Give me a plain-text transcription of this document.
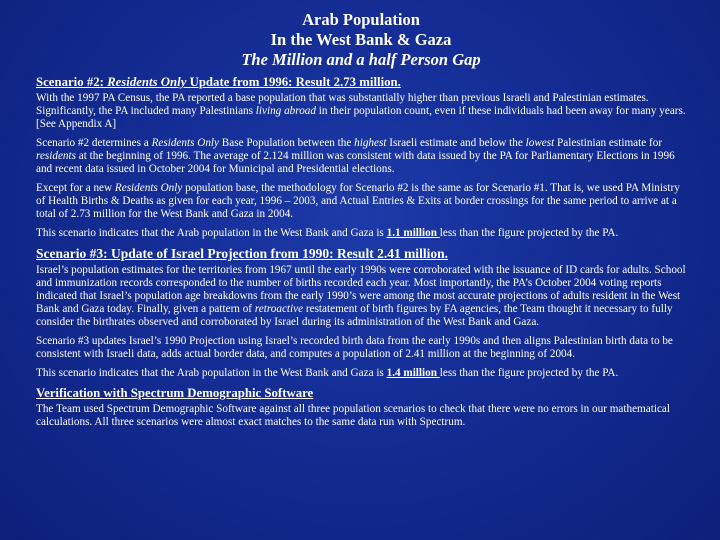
Arab Population
In the West Bank & Gaza
The Million and a half Person Gap
Scenario #2: Residents Only Update from 1996: Result 2.73 million.

With the 1997 PA Census, the PA reported a base population that was substantially higher than previous Israeli and Palestinian estimates. Significantly, the PA included many Palestinians living abroad in their population count, even if these individuals had been away for many years. [See Appendix A]

Scenario #2 determines a Residents Only Base Population between the highest Israeli estimate and below the lowest Palestinian estimate for residents at the beginning of 1996. The average of 2.124 million was consistent with data issued by the PA for Parliamentary Elections in 1996 and recent data issued in October 2004 for Municipal and Presidential elections.

Except for a new Residents Only population base, the methodology for Scenario #2 is the same as for Scenario #1. That is, we used PA Ministry of Health Births & Deaths as given for each year, 1996 – 2003, and Actual Entries & Exits at border crossings for the same period to arrive at a total of 2.73 million for the West Bank and Gaza in 2004.

This scenario indicates that the Arab population in the West Bank and Gaza is 1.1 million less than the figure projected by the PA.

Scenario #3: Update of Israel Projection from 1990: Result 2.41 million.

Israel’s population estimates for the territories from 1967 until the early 1990s were corroborated with the issuance of ID cards for adults. School and immunization records corresponded to the number of births recorded each year. Most importantly, the PA’s October 2004 voting reports indicated that Israel’s population age breakdowns from the early 1990’s were among the most accurate projections of adults resident in the West Bank and Gaza today. Finally, given a pattern of retroactive restatement of birth figures by FA agencies, the Team thought it necessary to fully consider the birthrates observed and corroborated by Israel during its administration of the West Bank and Gaza.

Scenario #3 updates Israel’s 1990 Projection using Israel’s recorded birth data from the early 1990s and then aligns Palestinian birth data to be consistent with Israeli data, adds actual border data, and computes a population of 2.41 million at the beginning of 2004.

This scenario indicates that the Arab population in the West Bank and Gaza is 1.4 million less than the figure projected by the PA.

Verification with Spectrum Demographic Software

The Team used Spectrum Demographic Software against all three population scenarios to check that there were no errors in our mathematical calculations. All three scenarios were almost exact matches to the same data run with Spectrum.
